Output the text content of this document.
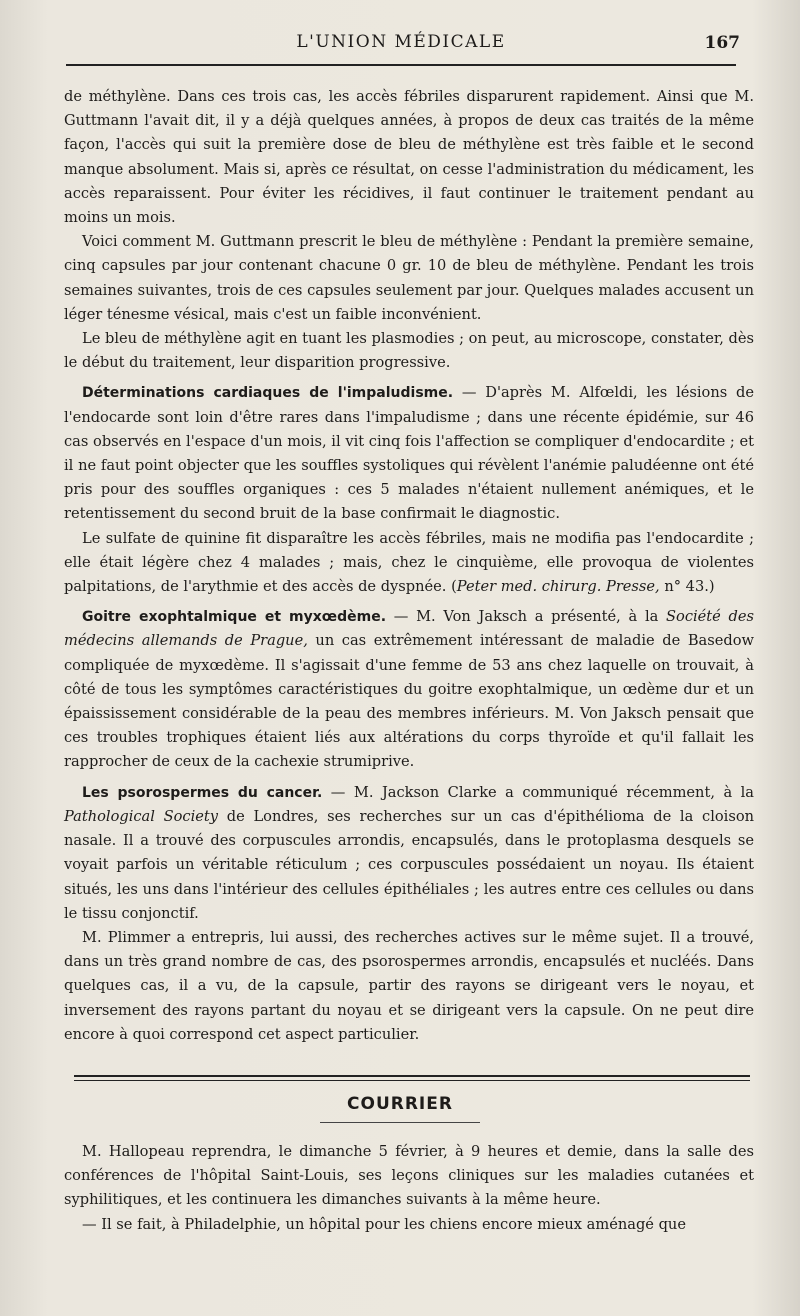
L'UNION MÉDICALE	167

de méthylène. Dans ces trois cas, les accès fébriles disparurent rapidement. Ainsi que M. Guttmann l'avait dit, il y a déjà quelques années, à propos de deux cas traités de la même façon, l'accès qui suit la première dose de bleu de méthylène est très faible et le second manque absolument. Mais si, après ce résultat, on cesse l'administration du médicament, les accès reparaissent. Pour éviter les récidives, il faut continuer le traitement pendant au moins un mois.

Voici comment M. Guttmann prescrit le bleu de méthylène : Pendant la première semaine, cinq capsules par jour contenant chacune 0 gr. 10 de bleu de méthylène. Pendant les trois semaines suivantes, trois de ces capsules seulement par jour. Quelques malades accusent un léger ténesme vésical, mais c'est un faible inconvénient.

Le bleu de méthylène agit en tuant les plasmodies ; on peut, au microscope, constater, dès le début du traitement, leur disparition progressive.

Déterminations cardiaques de l'impaludisme. — D'après M. Alfœldi, les lésions de l'endocarde sont loin d'être rares dans l'impaludisme ; dans une récente épidémie, sur 46 cas observés en l'espace d'un mois, il vit cinq fois l'affection se compliquer d'endocardite ; et il ne faut point objecter que les souffles systoliques qui révèlent l'anémie paludéenne ont été pris pour des souffles organiques : ces 5 malades n'étaient nullement anémiques, et le retentissement du second bruit de la base confirmait le diagnostic.

Le sulfate de quinine fit disparaître les accès fébriles, mais ne modifia pas l'endocardite ; elle était légère chez 4 malades ; mais, chez le cinquième, elle provoqua de violentes palpitations, de l'arythmie et des accès de dyspnée. (Peter med. chirurg. Presse, n° 43.)

Goitre exophtalmique et myxœdème. — M. Von Jaksch a présenté, à la Société des médecins allemands de Prague, un cas extrêmement intéressant de maladie de Basedow compliquée de myxœdème. Il s'agissait d'une femme de 53 ans chez laquelle on trouvait, à côté de tous les symptômes caractéristiques du goitre exophtalmique, un œdème dur et un épaississement considérable de la peau des membres inférieurs. M. Von Jaksch pensait que ces troubles trophiques étaient liés aux altérations du corps thyroïde et qu'il fallait les rapprocher de ceux de la cachexie strumiprive.

Les psorospermes du cancer. — M. Jackson Clarke a communiqué récemment, à la Pathological Society de Londres, ses recherches sur un cas d'épithélioma de la cloison nasale. Il a trouvé des corpuscules arrondis, encapsulés, dans le protoplasma desquels se voyait parfois un véritable réticulum ; ces corpuscules possédaient un noyau. Ils étaient situés, les uns dans l'intérieur des cellules épithéliales ; les autres entre ces cellules ou dans le tissu conjonctif.

M. Plimmer a entrepris, lui aussi, des recherches actives sur le même sujet. Il a trouvé, dans un très grand nombre de cas, des psorospermes arrondis, encapsulés et nucléés. Dans quelques cas, il a vu, de la capsule, partir des rayons se dirigeant vers le noyau, et inversement des rayons partant du noyau et se dirigeant vers la capsule. On ne peut dire encore à quoi correspond cet aspect particulier.

COURRIER

M. Hallopeau reprendra, le dimanche 5 février, à 9 heures et demie, dans la salle des conférences de l'hôpital Saint-Louis, ses leçons cliniques sur les maladies cutanées et syphilitiques, et les continuera les dimanches suivants à la même heure.

— Il se fait, à Philadelphie, un hôpital pour les chiens encore mieux aménagé que
